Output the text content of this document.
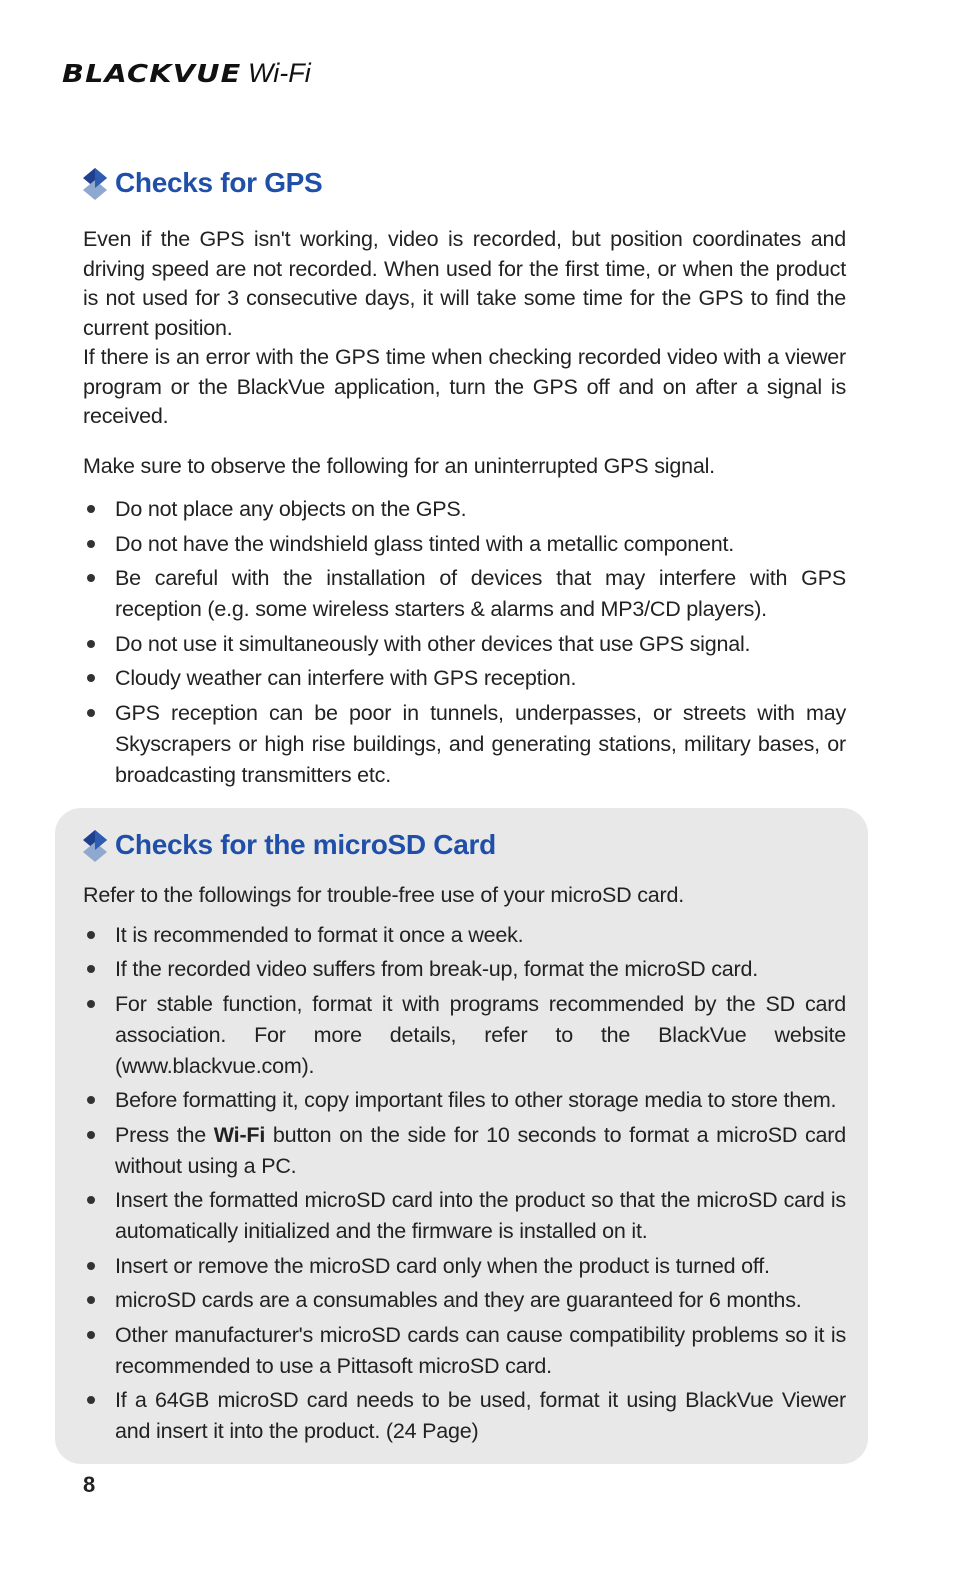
BLACKVUE Wi-Fi
Checks for GPS

Even if the GPS isn't working, video is recorded, but position coordinates and driving speed are not recorded. When used for the first time, or when the product is not used for 3 consecutive days, it will take some time for the GPS to find the current position.

If there is an error with the GPS time when checking recorded video with a viewer program or the BlackVue application, turn the GPS off and on after a signal is received.

Make sure to observe the following for an uninterrupted GPS signal.

Do not place any objects on the GPS.
Do not have the windshield glass tinted with a metallic component.
Be careful with the installation of devices that may interfere with GPS reception (e.g. some wireless starters & alarms and MP3/CD players).
Do not use it simultaneously with other devices that use GPS signal.
Cloudy weather can interfere with GPS reception.
GPS reception can be poor in tunnels, underpasses, or streets with may Skyscrapers or high rise buildings, and generating stations, military bases, or broadcasting transmitters etc.
Checks for the microSD Card

Refer to the followings for trouble-free use of your microSD card.

It is recommended to format it once a week.
If the recorded video suffers from break-up, format the microSD card.
For stable function, format it with programs recommended by the SD card association. For more details, refer to the BlackVue website (www.blackvue.com).
Before formatting it, copy important files to other storage media to store them.
Press the Wi-Fi button on the side for 10 seconds to format a microSD card without using a PC.
Insert the formatted microSD card into the product so that the microSD card is automatically initialized and the firmware is installed on it.
Insert or remove the microSD card only when the product is turned off.
microSD cards are a consumables and they are guaranteed for 6 months.
Other manufacturer's microSD cards can cause compatibility problems so it is recommended to use a Pittasoft microSD card.
If a 64GB microSD card needs to be used, format it using BlackVue Viewer and insert it into the product. (24 Page)
8
